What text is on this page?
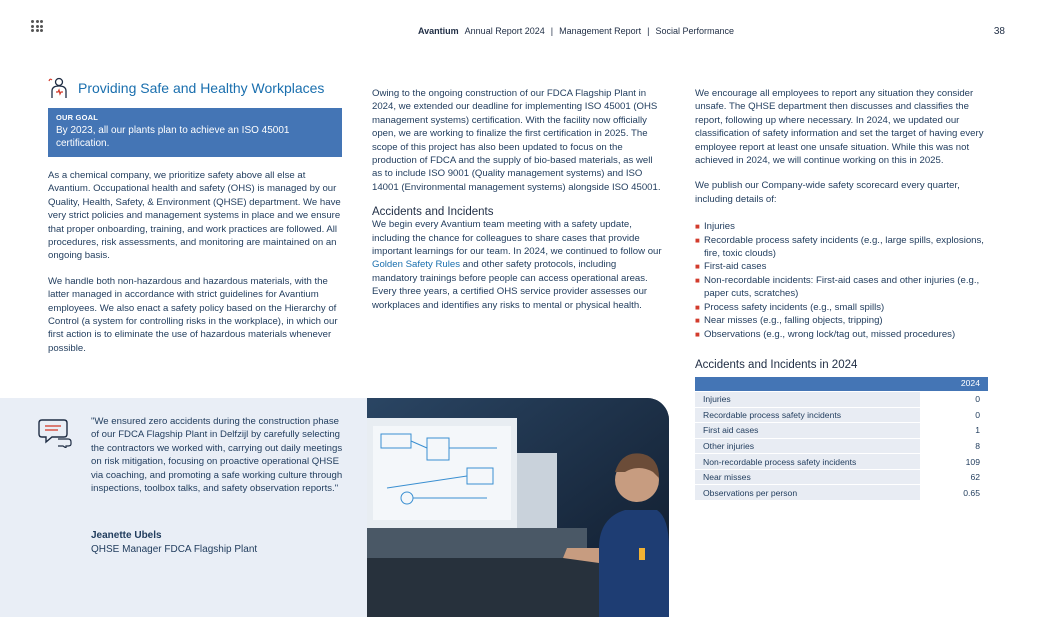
Avantium Annual Report 2024 | Management Report | Social Performance	38
Providing Safe and Healthy Workplaces
OUR GOAL
By 2023, all our plants plan to achieve an ISO 45001 certification.
As a chemical company, we prioritize safety above all else at Avantium. Occupational health and safety (OHS) is managed by our Quality, Health, Safety, & Environment (QHSE) department. We have very strict policies and management systems in place and we ensure that proper onboarding, training, and work practices are followed. All procedures, risk assessments, and monitoring are maintained on an ongoing basis.
We handle both non-hazardous and hazardous materials, with the latter managed in accordance with strict guidelines for Avantium employees. We also enact a safety policy based on the Hierarchy of Control (a system for controlling risks in the workplace), in which our first action is to eliminate the use of hazardous materials whenever possible.
Owing to the ongoing construction of our FDCA Flagship Plant in 2024, we extended our deadline for implementing ISO 45001 (OHS management systems) certification. With the facility now officially open, we are working to finalize the first certification in 2025. The scope of this project has also been updated to focus on the production of FDCA and the supply of bio-based materials, as well as to include ISO 9001 (Quality management systems) and ISO 14001 (Environmental management systems) alongside ISO 45001.
Accidents and Incidents
We begin every Avantium team meeting with a safety update, including the chance for colleagues to share cases that provide important learnings for our team. In 2024, we continued to follow our Golden Safety Rules and other safety protocols, including mandatory trainings before people can access operational areas. Every three years, a certified OHS service provider assesses our workplaces and identifies any risks to mental or physical health.
We encourage all employees to report any situation they consider unsafe. The QHSE department then discusses and classifies the report, following up where necessary. In 2024, we updated our classification of safety information and set the target of having every employee report at least one unsafe situation. While this was not achieved in 2024, we will continue working on this in 2025.
We publish our Company-wide safety scorecard every quarter, including details of:
■ Injuries
■ Recordable process safety incidents (e.g., large spills, explosions, fire, toxic clouds)
■ First-aid cases
■ Non-recordable incidents: First-aid cases and other injuries (e.g., paper cuts, scratches)
■ Process safety incidents (e.g., small spills)
■ Near misses (e.g., falling objects, tripping)
■ Observations (e.g., wrong lock/tag out, missed procedures)
Accidents and Incidents in 2024
2024	
Injuries	0
Recordable process safety incidents	0
First aid cases	1
Other injuries	8
Non-recordable process safety incidents	109
Near misses	62
Observations per person	0.65
"We ensured zero accidents during the construction phase of our FDCA Flagship Plant in Delfzijl by carefully selecting the contractors we worked with, carrying out daily meetings on risk mitigation, focusing on proactive operational QHSE via coaching, and promoting a safe working culture through inspections, toolbox talks, and safety observation reports."
Jeanette Ubels
QHSE Manager FDCA Flagship Plant
